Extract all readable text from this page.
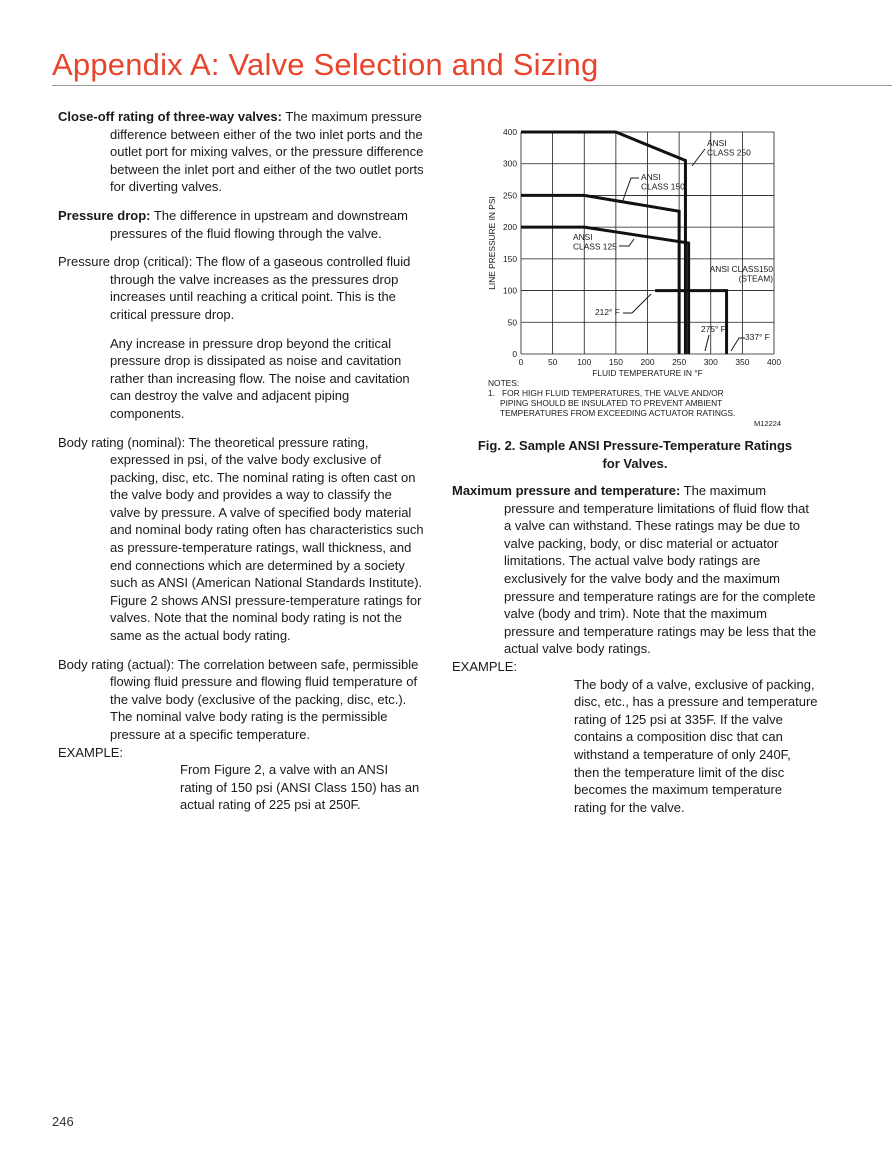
Appendix A: Valve Selection and Sizing

Close-off rating of three-way valves: The maximum pressure difference between either of the two inlet ports and the outlet port for mixing valves, or the pressure difference between the inlet port and either of the two outlet ports for diverting valves.

Pressure drop: The difference in upstream and downstream pressures of the fluid flowing through the valve.

Pressure drop (critical): The flow of a gaseous controlled fluid through the valve increases as the pressures drop increases until reaching a critical point. This is the critical pressure drop.

Any increase in pressure drop beyond the critical pressure drop is dissipated as noise and cavitation rather than increasing flow. The noise and cavitation can destroy the valve and adjacent piping components.

Body rating (nominal): The theoretical pressure rating, expressed in psi, of the valve body exclusive of packing, disc, etc. The nominal rating is often cast on the valve body and provides a way to classify the valve by pressure. A valve of specified body material and nominal body rating often has characteristics such as pressure-temperature ratings, wall thickness, and end connections which are determined by a society such as ANSI (American National Standards Institute). Figure 2 shows ANSI pressure-temperature ratings for valves. Note that the nominal body rating is not the same as the actual body rating.

Body rating (actual): The correlation between safe, permissible flowing fluid pressure and flowing fluid temperature of the valve body (exclusive of the packing, disc, etc.). The nominal valve body rating is the permissible pressure at a specific temperature.
EXAMPLE:
From Figure 2, a valve with an ANSI rating of 150 psi (ANSI Class 150) has an actual rating of 225 psi at 250F.

0	50 100 150 200 250 300 350 400
0
50
100
150
200
250
300
400
FLUID TEMPERATURE IN °F
LINE PRESSURE IN PSI
ANSI
CLASS 250
ANSI
CLASS 150
ANSI
CLASS 125
ANSI CLASS150
(STEAM)
212° F
275° F
337° F
NOTES:
1. FOR HIGH FLUID TEMPERATURES, THE VALVE AND/OR
PIPING SHOULD BE INSULATED TO PREVENT AMBIENT
TEMPERATURES FROM EXCEEDING ACTUATOR RATINGS.
M12224
Fig. 2. Sample ANSI Pressure-Temperature Ratings
for Valves.

Maximum pressure and temperature: The maximum pressure and temperature limitations of fluid flow that a valve can withstand. These ratings may be due to valve packing, body, or disc material or actuator limitations. The actual valve body ratings are exclusively for the valve body and the maximum pressure and temperature ratings are for the complete valve (body and trim). Note that the maximum pressure and temperature ratings may be less that the actual valve body ratings.
EXAMPLE:
The body of a valve, exclusive of packing, disc, etc., has a pressure and temperature rating of 125 psi at 335F. If the valve contains a composition disc that can withstand a temperature of only 240F, then the temperature limit of the disc becomes the maximum temperature rating for the valve.

246
